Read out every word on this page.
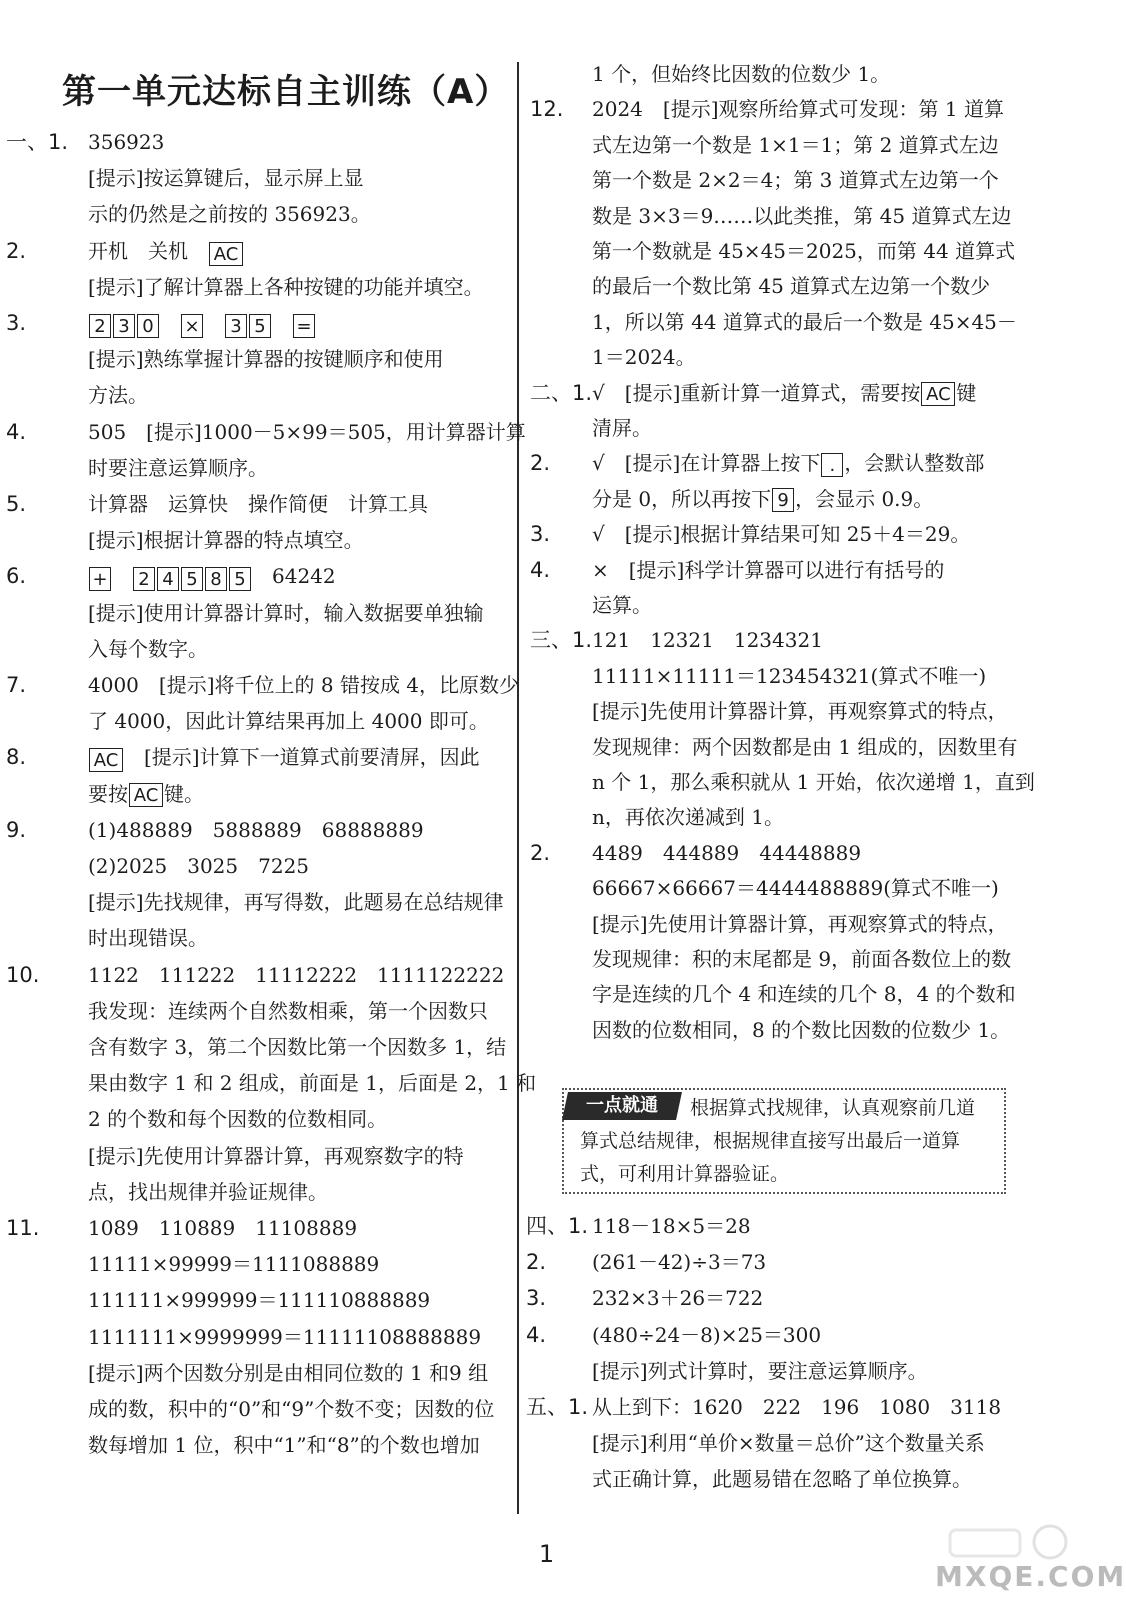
第一单元达标自主训练（A）
一、1. 356923
[提示]按运算键后，显示屏上显
示的仍然是之前按的 356923。
2.	开机　关机　AC
[提示]了解计算器上各种按键的功能并填空。
3.	2 3 0　 ×　 3 5　 =
[提示]熟练掌握计算器的按键顺序和使用
方法。
4.	505　[提示]1000－5×99＝505，用计算器计算
时要注意运算顺序。
5.	计算器　运算快　操作简便　计算工具
[提示]根据计算器的特点填空。
6.	+　 2 4 5 8 5　64242
[提示]使用计算器计算时，输入数据要单独输
入每个数字。
7.	4000　[提示]将千位上的 8 错按成 4，比原数少
了 4000，因此计算结果再加上 4000 即可。
8.	AC　[提示]计算下一道算式前要清屏，因此
要按 AC 键。
9.	(1)488889　5888889　68888889
(2)2025　3025　7225
[提示]先找规律，再写得数，此题易在总结规律
时出现错误。
10. 1122　111222　11112222　1111122222
我发现：连续两个自然数相乘，第一个因数只
含有数字 3，第二个因数比第一个因数多 1，结
果由数字 1 和 2 组成，前面是 1，后面是 2，1 和
2 的个数和每个因数的位数相同。
[提示]先使用计算器计算，再观察数字的特
点，找出规律并验证规律。
11. 1089　110889　11108889
11111×99999＝1111088889
111111×999999＝111110888889
1111111×9999999＝11111108888889
[提示]两个因数分别是由相同位数的 1 和9 组
成的数，积中的“0”和“9”个数不变；因数的位
数每增加 1 位，积中“1”和“8”的个数也增加
1 个，但始终比因数的位数少 1。
12. 2024　[提示]观察所给算式可发现：第 1 道算
式左边第一个数是 1×1＝1；第 2 道算式左边
第一个数是 2×2＝4；第 3 道算式左边第一个
数是 3×3＝9……以此类推，第 45 道算式左边
第一个数就是 45×45＝2025，而第 44 道算式
的最后一个数比第 45 道算式左边第一个数少
1，所以第 44 道算式的最后一个数是 45×45－
1＝2024。
二、1.√　[提示]重新计算一道算式，需要按 AC 键
清屏。
2. √　[提示]在计算器上按下 . ，会默认整数部
分是 0，所以再按下 9 ，会显示 0.9。
3. √　[提示]根据计算结果可知 25＋4＝29。
4. ×　[提示]科学计算器可以进行有括号的
运算。
三、1.121　12321　1234321
11111×11111＝123454321(算式不唯一)
[提示]先使用计算器计算，再观察算式的特点，
发现规律：两个因数都是由 1 组成的，因数里有
n 个 1，那么乘积就从 1 开始，依次递增 1，直到
n，再依次递减到 1。
2. 4489　444889　44448889
66667×66667＝4444488889(算式不唯一)
[提示]先使用计算器计算，再观察算式的特点，
发现规律：积的末尾都是 9，前面各数位上的数
字是连续的几个 4 和连续的几个 8，4 的个数和
因数的位数相同，8 的个数比因数的位数少 1。
四、1. 118－18×5＝28
2. (261－42)÷3＝73
3. 232×3＋26＝722
4. (480÷24－8)×25＝300
[提示]列式计算时，要注意运算顺序。
五、1. 从上到下：1620　222　196　1080　3118
[提示]利用“单价×数量＝总价”这个数量关系
式正确计算，此题易错在忽略了单位换算。
一点就通	根据算式找规律，认真观察前几道
算式总结规律，根据规律直接写出最后一道算
式，可利用计算器验证。
1
MXQE.COM
